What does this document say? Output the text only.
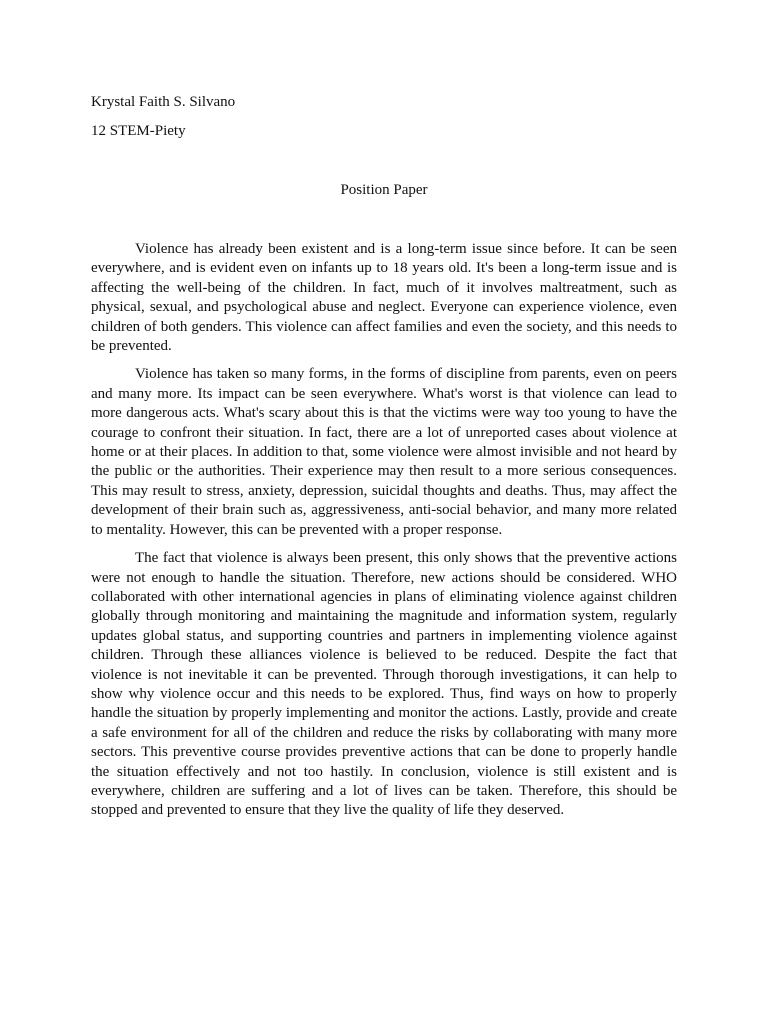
Krystal Faith S. Silvano

12 STEM-Piety

Position Paper

Violence has already been existent and is a long-term issue since before. It can be seen everywhere, and is evident even on infants up to 18 years old. It's been a long-term issue and is affecting the well-being of the children. In fact, much of it involves maltreatment, such as physical, sexual, and psychological abuse and neglect. Everyone can experience violence, even children of both genders. This violence can affect families and even the society, and this needs to be prevented.

Violence has taken so many forms, in the forms of discipline from parents, even on peers and many more. Its impact can be seen everywhere. What's worst is that violence can lead to more dangerous acts. What's scary about this is that the victims were way too young to have the courage to confront their situation. In fact, there are a lot of unreported cases about violence at home or at their places. In addition to that, some violence were almost invisible and not heard by the public or the authorities. Their experience may then result to a more serious consequences. This may result to stress, anxiety, depression, suicidal thoughts and deaths. Thus, may affect the development of their brain such as, aggressiveness, anti-social behavior, and many more related to mentality. However, this can be prevented with a proper response.

The fact that violence is always been present, this only shows that the preventive actions were not enough to handle the situation. Therefore, new actions should be considered. WHO collaborated with other international agencies in plans of eliminating violence against children globally through monitoring and maintaining the magnitude and information system, regularly updates global status, and supporting countries and partners in implementing violence against children. Through these alliances violence is believed to be reduced. Despite the fact that violence is not inevitable it can be prevented. Through thorough investigations, it can help to show why violence occur and this needs to be explored. Thus, find ways on how to properly handle the situation by properly implementing and monitor the actions. Lastly, provide and create a safe environment for all of the children and reduce the risks by collaborating with many more sectors. This preventive course provides preventive actions that can be done to properly handle the situation effectively and not too hastily. In conclusion, violence is still existent and is everywhere, children are suffering and a lot of lives can be taken. Therefore, this should be stopped and prevented to ensure that they live the quality of life they deserved.
